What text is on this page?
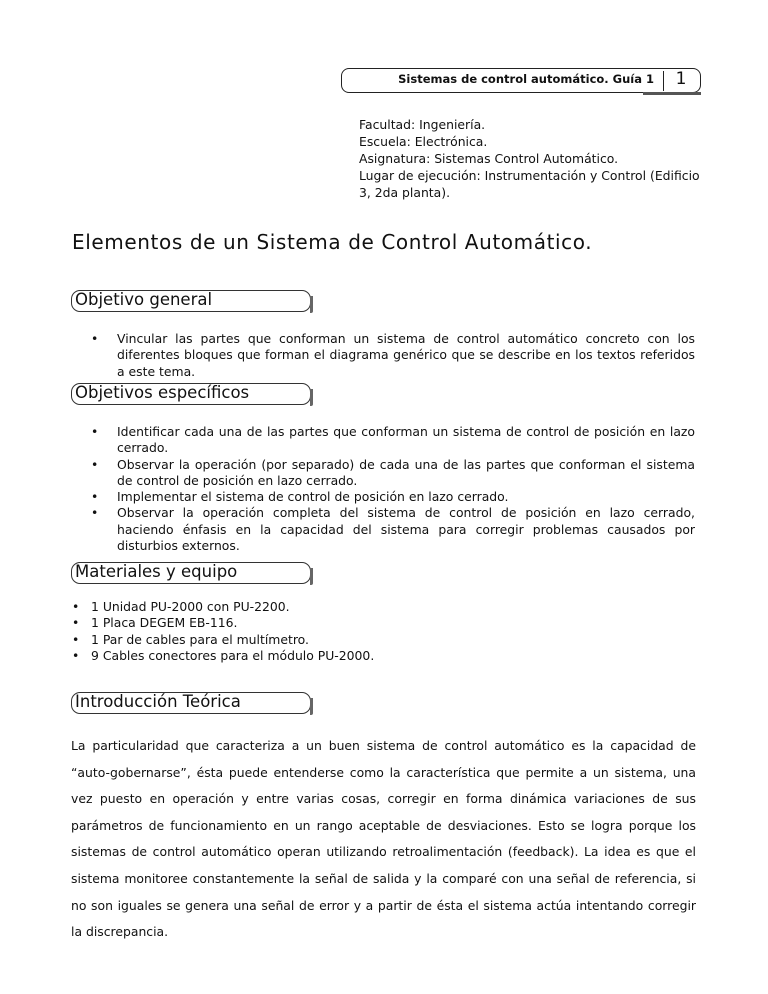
Sistemas de control automático. Guía 1	1
Facultad: Ingeniería.
Escuela: Electrónica.
Asignatura: Sistemas Control Automático.
Lugar de ejecución: Instrumentación y Control (Edificio 3, 2da planta).
Elementos de un Sistema de Control Automático.
Objetivo general
• Vincular las partes que conforman un sistema de control automático concreto con los diferentes bloques que forman el diagrama genérico que se describe en los textos referidos a este tema.
Objetivos específicos
• Identificar cada una de las partes que conforman un sistema de control de posición en lazo cerrado.
• Observar la operación (por separado) de cada una de las partes que conforman el sistema de control de posición en lazo cerrado.
• Implementar el sistema de control de posición en lazo cerrado.
• Observar la operación completa del sistema de control de posición en lazo cerrado, haciendo énfasis en la capacidad del sistema para corregir problemas causados por disturbios externos.
Materiales y equipo
• 1 Unidad PU-2000 con PU-2200.
• 1 Placa DEGEM EB-116.
• 1 Par de cables para el multímetro.
• 9 Cables conectores para el módulo PU-2000.
Introducción Teórica

La particularidad que caracteriza a un buen sistema de control automático es la capacidad de “auto-gobernarse”, ésta puede entenderse como la característica que permite a un sistema, una vez puesto en operación y entre varias cosas, corregir en forma dinámica variaciones de sus parámetros de funcionamiento en un rango aceptable de desviaciones. Esto se logra porque los sistemas de control automático operan utilizando retroalimentación (feedback). La idea es que el sistema monitoree constantemente la señal de salida y la comparé con una señal de referencia, si no son iguales se genera una señal de error y a partir de ésta el sistema actúa intentando corregir la discrepancia.
